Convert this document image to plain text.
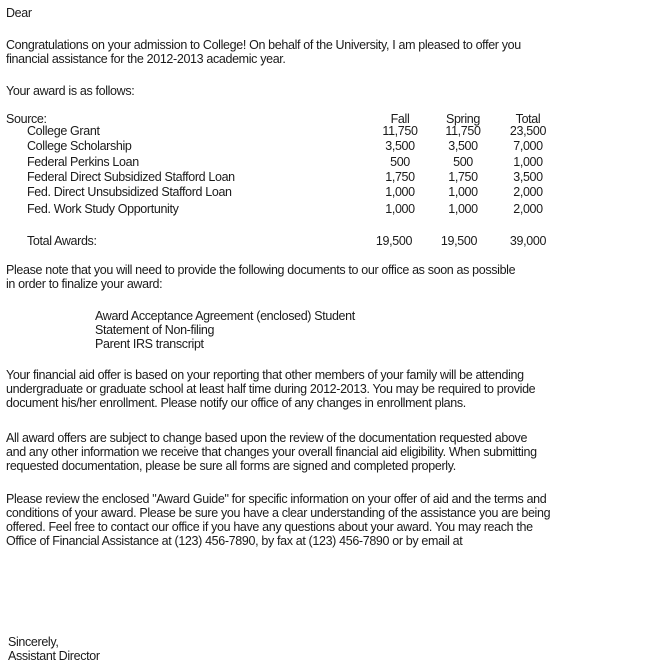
Dear
Congratulations on your admission to College! On behalf of the University, I am pleased to offer you
financial assistance for the 2012-2013 academic year.
Your award is as follows:
Source:	Fall	Spring	Total
College Grant	11,750	11,750	23,500
College Scholarship	3,500	3,500	7,000
Federal Perkins Loan	500	500	1,000
Federal Direct Subsidized Stafford Loan	1,750	1,750	3,500
Fed. Direct Unsubsidized Stafford Loan	1,000	1,000	2,000
Fed. Work Study Opportunity	1,000	1,000	2,000
Total Awards:	19,500	19,500	39,000
Please note that you will need to provide the following documents to our office as soon as possible
in order to finalize your award:
Award Acceptance Agreement (enclosed) Student
Statement of Non-filing
Parent IRS transcript
Your financial aid offer is based on your reporting that other members of your family will be attending
undergraduate or graduate school at least half time during 2012-2013. You may be required to provide
document his/her enrollment. Please notify our office of any changes in enrollment plans.
All award offers are subject to change based upon the review of the documentation requested above
and any other information we receive that changes your overall financial aid eligibility. When submitting
requested documentation, please be sure all forms are signed and completed properly.
Please review the enclosed "Award Guide" for specific information on your offer of aid and the terms and
conditions of your award. Please be sure you have a clear understanding of the assistance you are being
offered. Feel free to contact our office if you have any questions about your award. You may reach the
Office of Financial Assistance at (123) 456-7890, by fax at (123) 456-7890 or by email at
Sincerely,
Assistant Director
